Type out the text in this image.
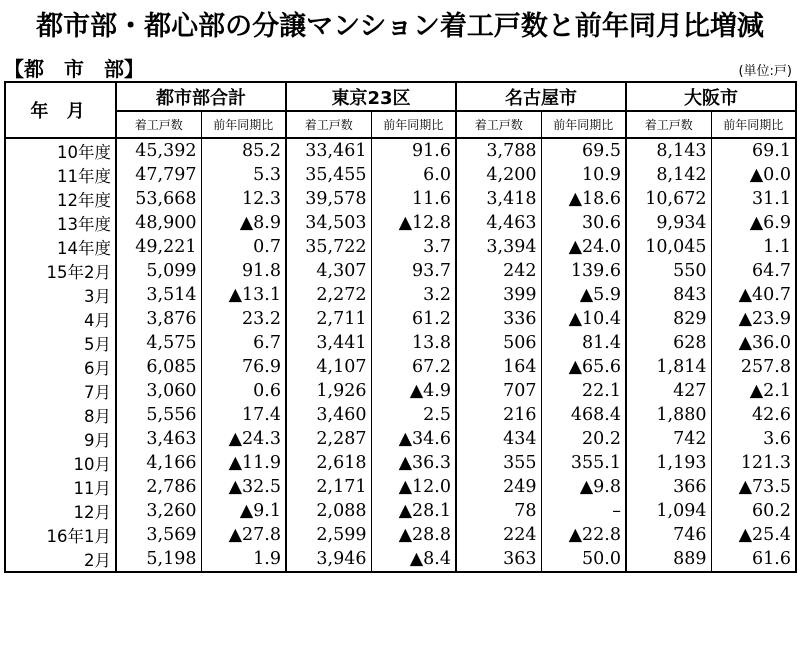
都市部・都心部の分譲マンション着工戸数と前年同月比増減
【都　市　部】	(単位:戸)
年 月	都市部合計		東京23区		名古屋市		大阪市	
	着工戸数	前年同期比	着工戸数	前年同期比	着工戸数	前年同期比	着工戸数	前年同期比
10年度	45,392	85.2	33,461	91.6	3,788	69.5	8,143	69.1
11年度	47,797	5.3	35,455	6.0	4,200	10.9	8,142	▲0.0
12年度	53,668	12.3	39,578	11.6	3,418	▲18.6	10,672	31.1
13年度	48,900	▲8.9	34,503	▲12.8	4,463	30.6	9,934	▲6.9
14年度	49,221	0.7	35,722	3.7	3,394	▲24.0	10,045	1.1
15年2月	5,099	91.8	4,307	93.7	242	139.6	550	64.7
3月	3,514	▲13.1	2,272	3.2	399	▲5.9	843	▲40.7
4月	3,876	23.2	2,711	61.2	336	▲10.4	829	▲23.9
5月	4,575	6.7	3,441	13.8	506	81.4	628	▲36.0
6月	6,085	76.9	4,107	67.2	164	▲65.6	1,814	257.8
7月	3,060	0.6	1,926	▲4.9	707	22.1	427	▲2.1
8月	5,556	17.4	3,460	2.5	216	468.4	1,880	42.6
9月	3,463	▲24.3	2,287	▲34.6	434	20.2	742	3.6
10月	4,166	▲11.9	2,618	▲36.3	355	355.1	1,193	121.3
11月	2,786	▲32.5	2,171	▲12.0	249	▲9.8	366	▲73.5
12月	3,260	▲9.1	2,088	▲28.1	78	–	1,094	60.2
16年1月	3,569	▲27.8	2,599	▲28.8	224	▲22.8	746	▲25.4
2月	5,198	1.9	3,946	▲8.4	363	50.0	889	61.6
